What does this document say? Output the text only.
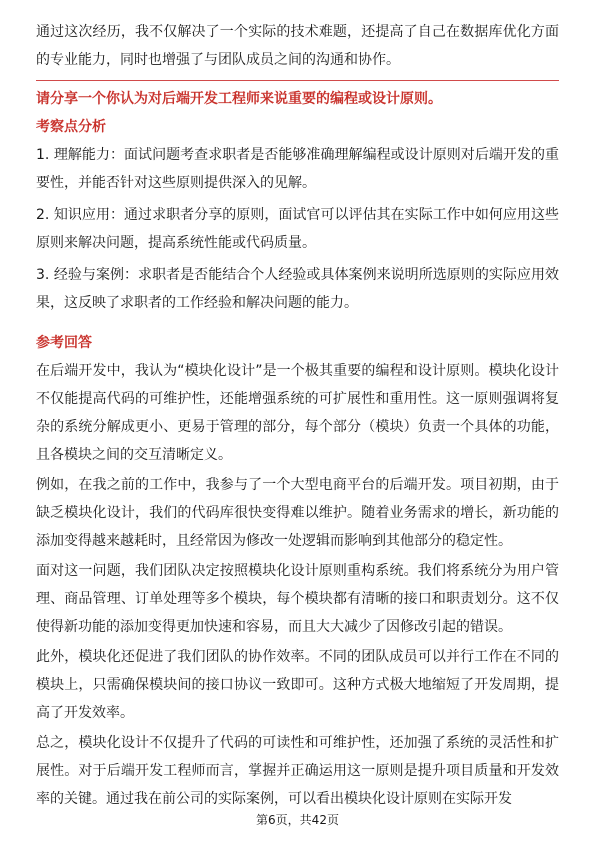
通过这次经历，我不仅解决了一个实际的技术难题，还提高了自己在数据库优化方面的专业能力，同时也增强了与团队成员之间的沟通和协作。

请分享一个你认为对后端开发工程师来说重要的编程或设计原则。

考察点分析

1. 理解能力：面试问题考查求职者是否能够准确理解编程或设计原则对后端开发的重要性，并能否针对这些原则提供深入的见解。

2. 知识应用：通过求职者分享的原则，面试官可以评估其在实际工作中如何应用这些原则来解决问题，提高系统性能或代码质量。

3. 经验与案例：求职者是否能结合个人经验或具体案例来说明所选原则的实际应用效果，这反映了求职者的工作经验和解决问题的能力。

参考回答

在后端开发中，我认为“模块化设计”是一个极其重要的编程和设计原则。模块化设计不仅能提高代码的可维护性，还能增强系统的可扩展性和重用性。这一原则强调将复杂的系统分解成更小、更易于管理的部分，每个部分（模块）负责一个具体的功能，且各模块之间的交互清晰定义。

例如，在我之前的工作中，我参与了一个大型电商平台的后端开发。项目初期，由于缺乏模块化设计，我们的代码库很快变得难以维护。随着业务需求的增长，新功能的添加变得越来越耗时，且经常因为修改一处逻辑而影响到其他部分的稳定性。

面对这一问题，我们团队决定按照模块化设计原则重构系统。我们将系统分为用户管理、商品管理、订单处理等多个模块，每个模块都有清晰的接口和职责划分。这不仅使得新功能的添加变得更加快速和容易，而且大大减少了因修改引起的错误。

此外，模块化还促进了我们团队的协作效率。不同的团队成员可以并行工作在不同的模块上，只需确保模块间的接口协议一致即可。这种方式极大地缩短了开发周期，提高了开发效率。

总之，模块化设计不仅提升了代码的可读性和可维护性，还加强了系统的灵活性和扩展性。对于后端开发工程师而言，掌握并正确运用这一原则是提升项目质量和开发效率的关键。通过我在前公司的实际案例，可以看出模块化设计原则在实际开发

第6页，共42页
